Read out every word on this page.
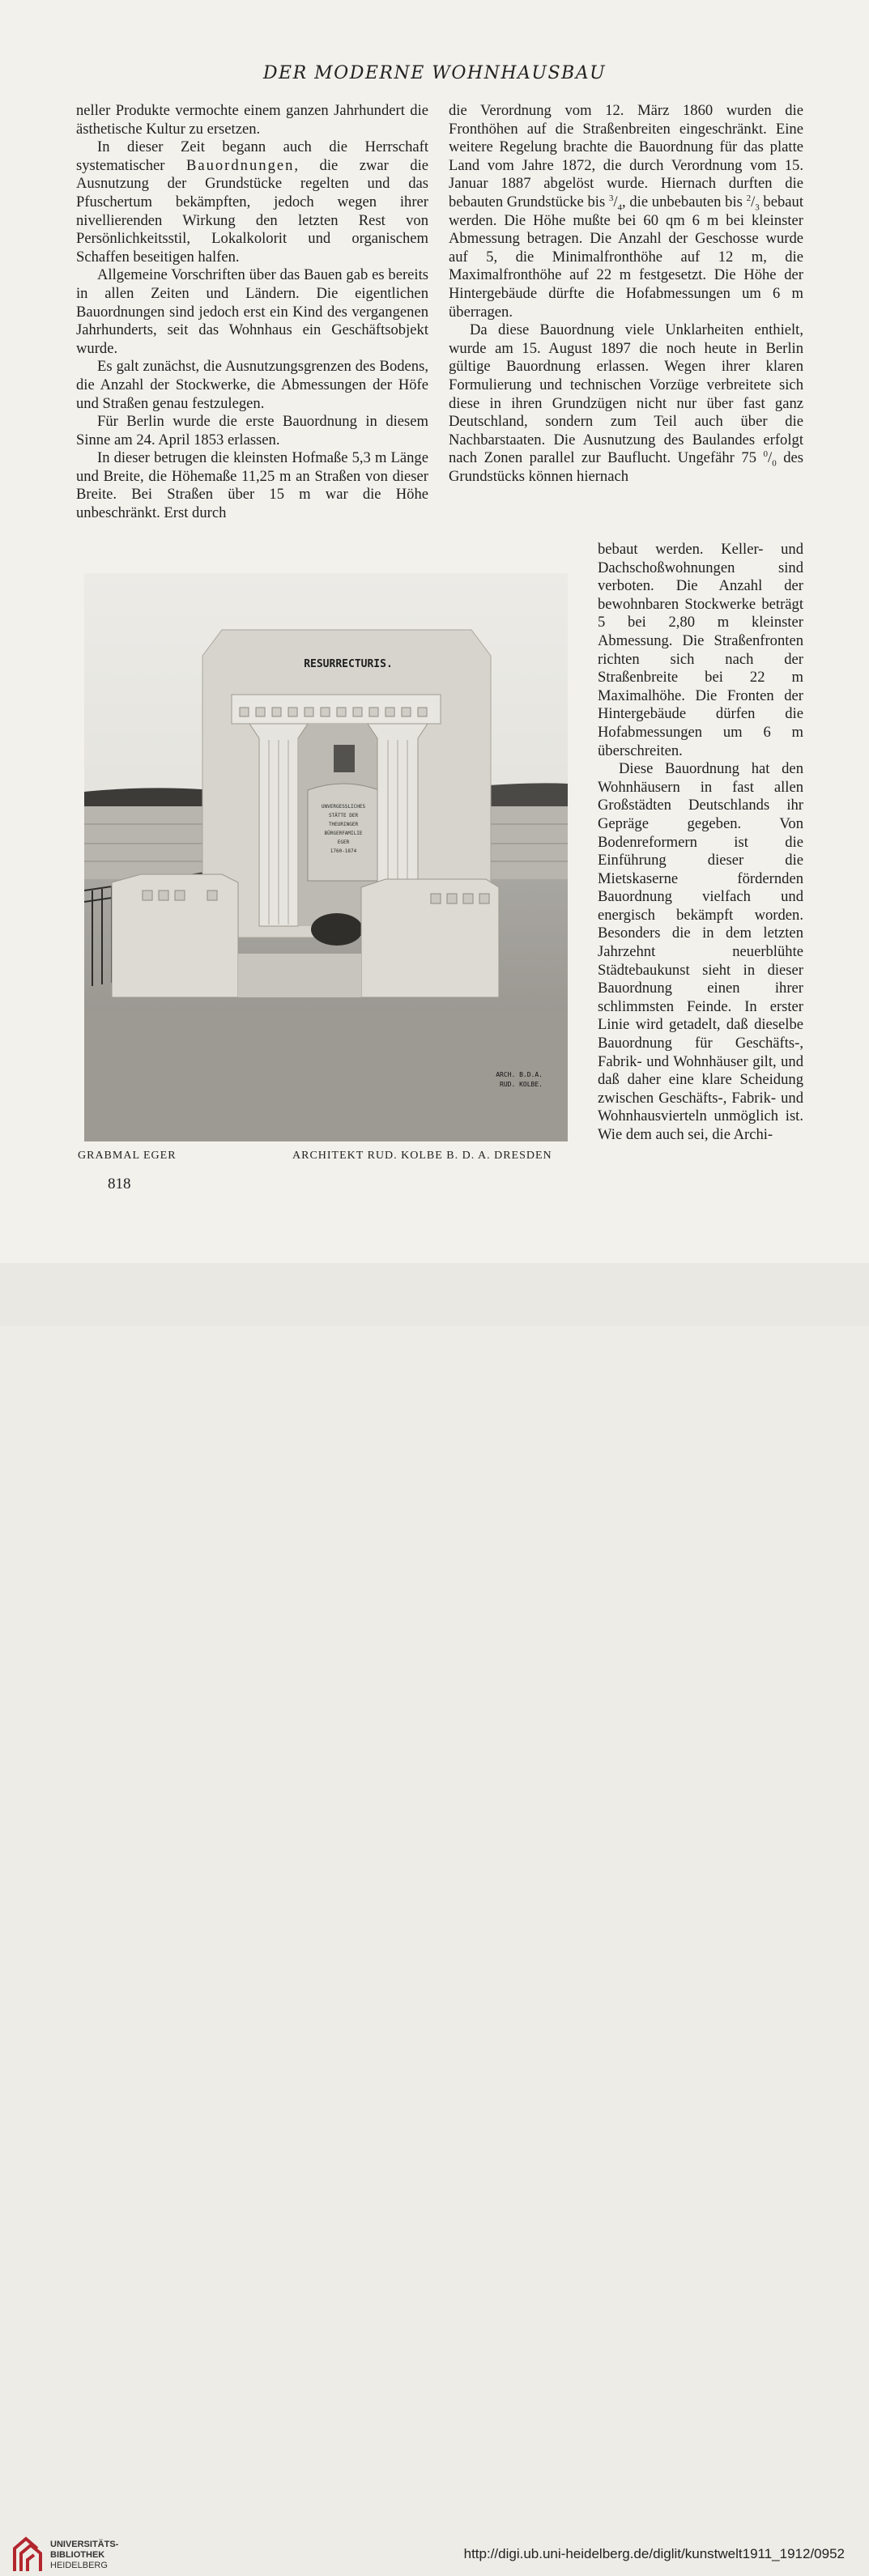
DER MODERNE WOHNHAUSBAU

neller Produkte vermochte einem ganzen Jahrhundert die ästhetische Kultur zu ersetzen.

In dieser Zeit begann auch die Herrschaft systematischer Bauordnungen, die zwar die Ausnutzung der Grundstücke regelten und das Pfuschertum bekämpften, jedoch wegen ihrer nivellierenden Wirkung den letzten Rest von Persönlichkeitsstil, Lokalkolorit und organischem Schaffen beseitigen halfen.

Allgemeine Vorschriften über das Bauen gab es bereits in allen Zeiten und Ländern. Die eigentlichen Bauordnungen sind jedoch erst ein Kind des vergangenen Jahrhunderts, seit das Wohnhaus ein Geschäftsobjekt wurde.

Es galt zunächst, die Ausnutzungsgrenzen des Bodens, die Anzahl der Stockwerke, die Abmessungen der Höfe und Straßen genau festzulegen.

Für Berlin wurde die erste Bauordnung in diesem Sinne am 24. April 1853 erlassen.

In dieser betrugen die kleinsten Hofmaße 5,3 m Länge und Breite, die Höhemaße 11,25 m an Straßen von dieser Breite. Bei Straßen über 15 m war die Höhe unbeschränkt. Erst durch

die Verordnung vom 12. März 1860 wurden die Fronthöhen auf die Straßenbreiten eingeschränkt. Eine weitere Regelung brachte die Bauordnung für das platte Land vom Jahre 1872, die durch Verordnung vom 15. Januar 1887 abgelöst wurde. Hiernach durften die bebauten Grundstücke bis $^3/_4$, die unbebauten bis $^2/_3$ bebaut werden. Die Höhe mußte bei 60 qm 6 m bei kleinster Abmessung betragen. Die Anzahl der Geschosse wurde auf 5, die Minimalfronthöhe auf 12 m, die Maximalfronthöhe auf 22 m festgesetzt. Die Höhe der Hintergebäude dürfte die Hofabmessungen um 6 m überragen.

Da diese Bauordnung viele Unklarheiten enthielt, wurde am 15. August 1897 die noch heute in Berlin gültige Bauordnung erlassen. Wegen ihrer klaren Formulierung und technischen Vorzüge verbreitete sich diese in ihren Grundzügen nicht nur über fast ganz Deutschland, sondern zum Teil auch über die Nachbarstaaten. Die Ausnutzung des Baulandes erfolgt nach Zonen parallel zur Bauflucht. Ungefähr 75 $^0/_0$ des Grundstücks können hiernach

bebaut werden. Keller- und Dachschoßwohnungen sind verboten. Die Anzahl der bewohnbaren Stockwerke beträgt 5 bei 2,80 m kleinster Abmessung. Die Straßenfronten richten sich nach der Straßenbreite bei 22 m Maximalhöhe. Die Fronten der Hintergebäude dürfen die Hofabmessungen um 6 m überschreiten.

Diese Bauordnung hat den Wohnhäusern in fast allen Großstädten Deutschlands ihr Gepräge gegeben. Von Bodenreformern ist die Einführung dieser die Mietskaserne fördernden Bauordnung vielfach und energisch bekämpft worden. Besonders die in dem letzten Jahrzehnt neuerblühte Städtebaukunst sieht in dieser Bauordnung einen ihrer schlimmsten Feinde. In erster Linie wird getadelt, daß dieselbe Bauordnung für Geschäfts-, Fabrik- und Wohnhäuser gilt, und daß daher eine klare Scheidung zwischen Geschäfts-, Fabrik- und Wohnhausvierteln unmöglich ist. Wie dem auch sei, die Archi-

RESURRECTURIS.
UNVERGESSLICHES
STÄTTE DER
THEURINGER
BÜRGERFAMILIE
EGER
1760-1874
ARCH. B.D.A.
RUD. KOLBE.
GRABMAL EGER	ARCHITEKT RUD. KOLBE B. D. A. DRESDEN
818
UNIVERSITÄTS-
BIBLIOTHEK
HEIDELBERG
http://digi.ub.uni-heidelberg.de/diglit/kunstwelt1911_1912/0952
